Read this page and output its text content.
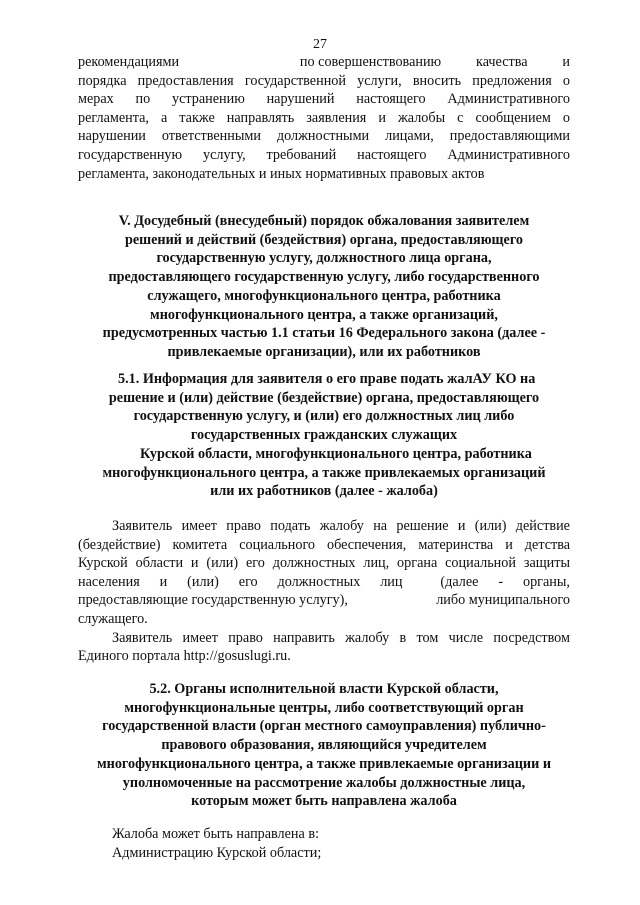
27
рекомендациями	по совершенствованию качества и
порядка предоставления государственной услуги, вносить предложения о
мерах по устранению нарушений настоящего Административного
регламента, а также направлять заявления и жалобы с сообщением о
нарушении ответственными должностными лицами, предоставляющими
государственную услугу, требований настоящего Административного
регламента, законодательных и иных нормативных правовых актов
V. Досудебный (внесудебный) порядок обжалования заявителем
решений и действий (бездействия) органа, предоставляющего
государственную услугу, должностного лица органа,
предоставляющего государственную услугу, либо государственного
служащего, многофункционального центра, работника
многофункционального центра, а также организаций,
предусмотренных частью 1.1 статьи 16 Федерального закона (далее -
привлекаемые организации), или их работников
5.1. Информация для заявителя о его праве подать жалАУ КО на
решение и (или) действие (бездействие) органа, предоставляющего
государственную услугу, и (или) его должностных лиц либо
государственных гражданских служащих
Курской области, многофункционального центра, работника
многофункционального центра, а также привлекаемых организаций
или их работников (далее - жалоба)
Заявитель имеет право подать жалобу на решение и (или) действие
(бездействие) комитета социального обеспечения, материнства и детства
Курской области и (или) его должностных лиц, органа социальной защиты
населения и (или) его должностных лиц	(далее - органы,
предоставляющие государственную услугу),	либо муниципального
служащего.
Заявитель имеет право направить жалобу в том числе посредством
Единого портала http://gosuslugi.ru.
5.2. Органы исполнительной власти Курской области,
многофункциональные центры, либо соответствующий орган
государственной власти (орган местного самоуправления) публично-
правового образования, являющийся учредителем
многофункционального центра, а также привлекаемые организации и
уполномоченные на рассмотрение жалобы должностные лица,
которым может быть направлена жалоба
Жалоба может быть направлена в:
Администрацию Курской области;
